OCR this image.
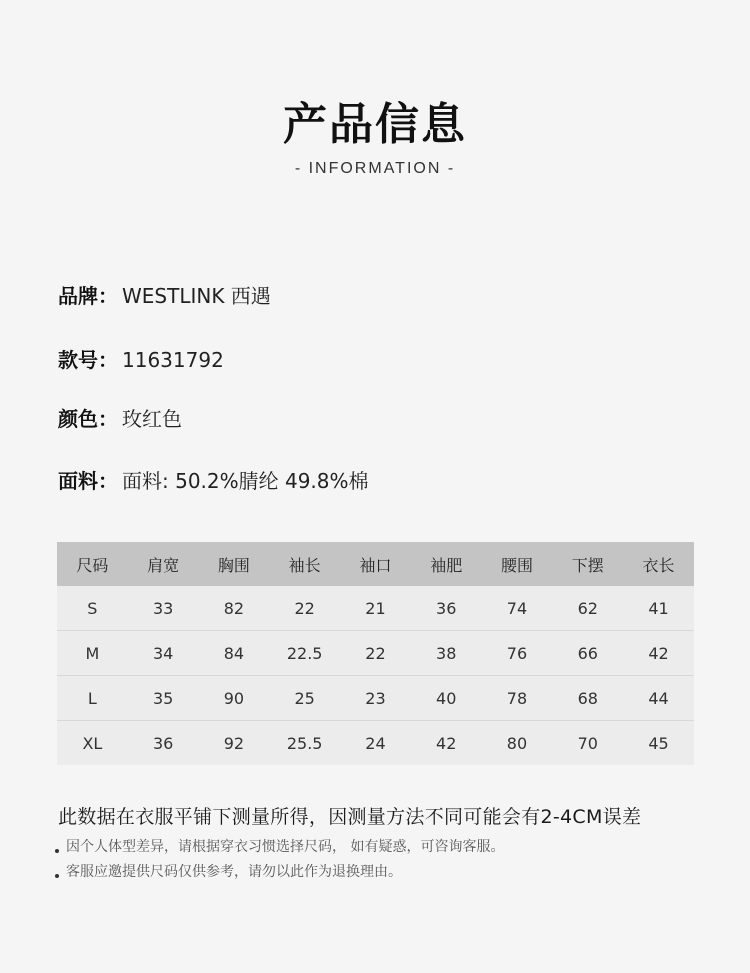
产品信息
- INFORMATION -
品牌： WESTLINK 西遇
款号： 11631792
颜色： 玫红色
面料： 面料: 50.2%腈纶 49.8%棉
尺码	肩宽	胸围	袖长	袖口	袖肥	腰围	下摆	衣长
S	33	82	22	21	36	74	62	41
M	34	84	22.5	22	38	76	66	42
L	35	90	25	23	40	78	68	44
XL	36	92	25.5	24	42	80	70	45
此数据在衣服平铺下测量所得，因测量方法不同可能会有2-4CM误差
因个人体型差异，请根据穿衣习惯选择尺码， 如有疑惑，可咨询客服。
客服应邀提供尺码仅供参考，请勿以此作为退换理由。
